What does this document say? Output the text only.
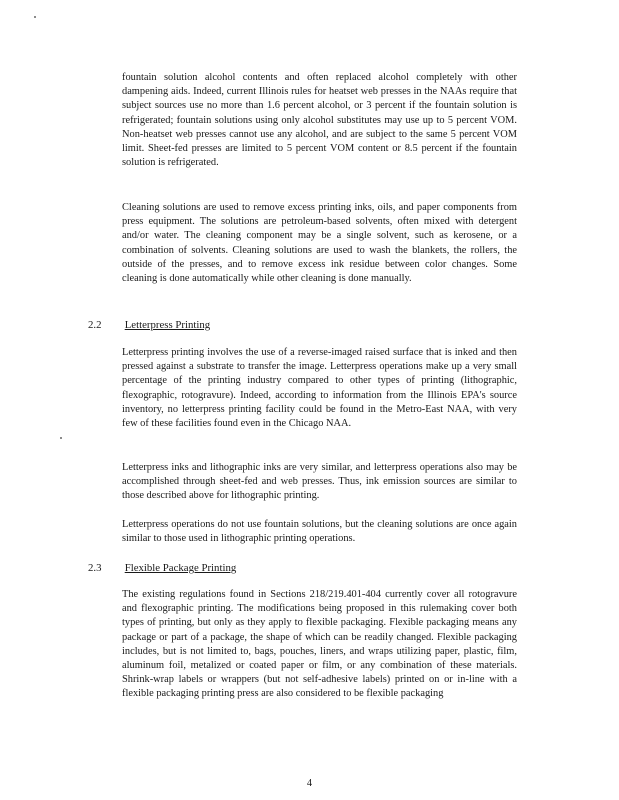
fountain solution alcohol contents and often replaced alcohol completely with other dampening aids. Indeed, current Illinois rules for heatset web presses in the NAAs require that subject sources use no more than 1.6 percent alcohol, or 3 percent if the fountain solution is refrigerated; fountain solutions using only alcohol substitutes may use up to 5 percent VOM. Non-heatset web presses cannot use any alcohol, and are subject to the same 5 percent VOM limit. Sheet-fed presses are limited to 5 percent VOM content or 8.5 percent if the fountain solution is refrigerated.

Cleaning solutions are used to remove excess printing inks, oils, and paper components from press equipment. The solutions are petroleum-based solvents, often mixed with detergent and/or water. The cleaning component may be a single solvent, such as kerosene, or a combination of solvents. Cleaning solutions are used to wash the blankets, the rollers, the outside of the presses, and to remove excess ink residue between color changes. Some cleaning is done automatically while other cleaning is done manually.

2.2 Letterpress Printing

Letterpress printing involves the use of a reverse-imaged raised surface that is inked and then pressed against a substrate to transfer the image. Letterpress operations make up a very small percentage of the printing industry compared to other types of printing (lithographic, flexographic, rotogravure). Indeed, according to information from the Illinois EPA's source inventory, no letterpress printing facility could be found in the Metro-East NAA, with very few of these facilities found even in the Chicago NAA.

Letterpress inks and lithographic inks are very similar, and letterpress operations also may be accomplished through sheet-fed and web presses. Thus, ink emission sources are similar to those described above for lithographic printing.

Letterpress operations do not use fountain solutions, but the cleaning solutions are once again similar to those used in lithographic printing operations.

2.3 Flexible Package Printing

The existing regulations found in Sections 218/219.401-404 currently cover all rotogravure and flexographic printing. The modifications being proposed in this rulemaking cover both types of printing, but only as they apply to flexible packaging. Flexible packaging means any package or part of a package, the shape of which can be readily changed. Flexible packaging includes, but is not limited to, bags, pouches, liners, and wraps utilizing paper, plastic, film, aluminum foil, metalized or coated paper or film, or any combination of these materials. Shrink-wrap labels or wrappers (but not self-adhesive labels) printed on or in-line with a flexible packaging printing press are also considered to be flexible packaging

4
